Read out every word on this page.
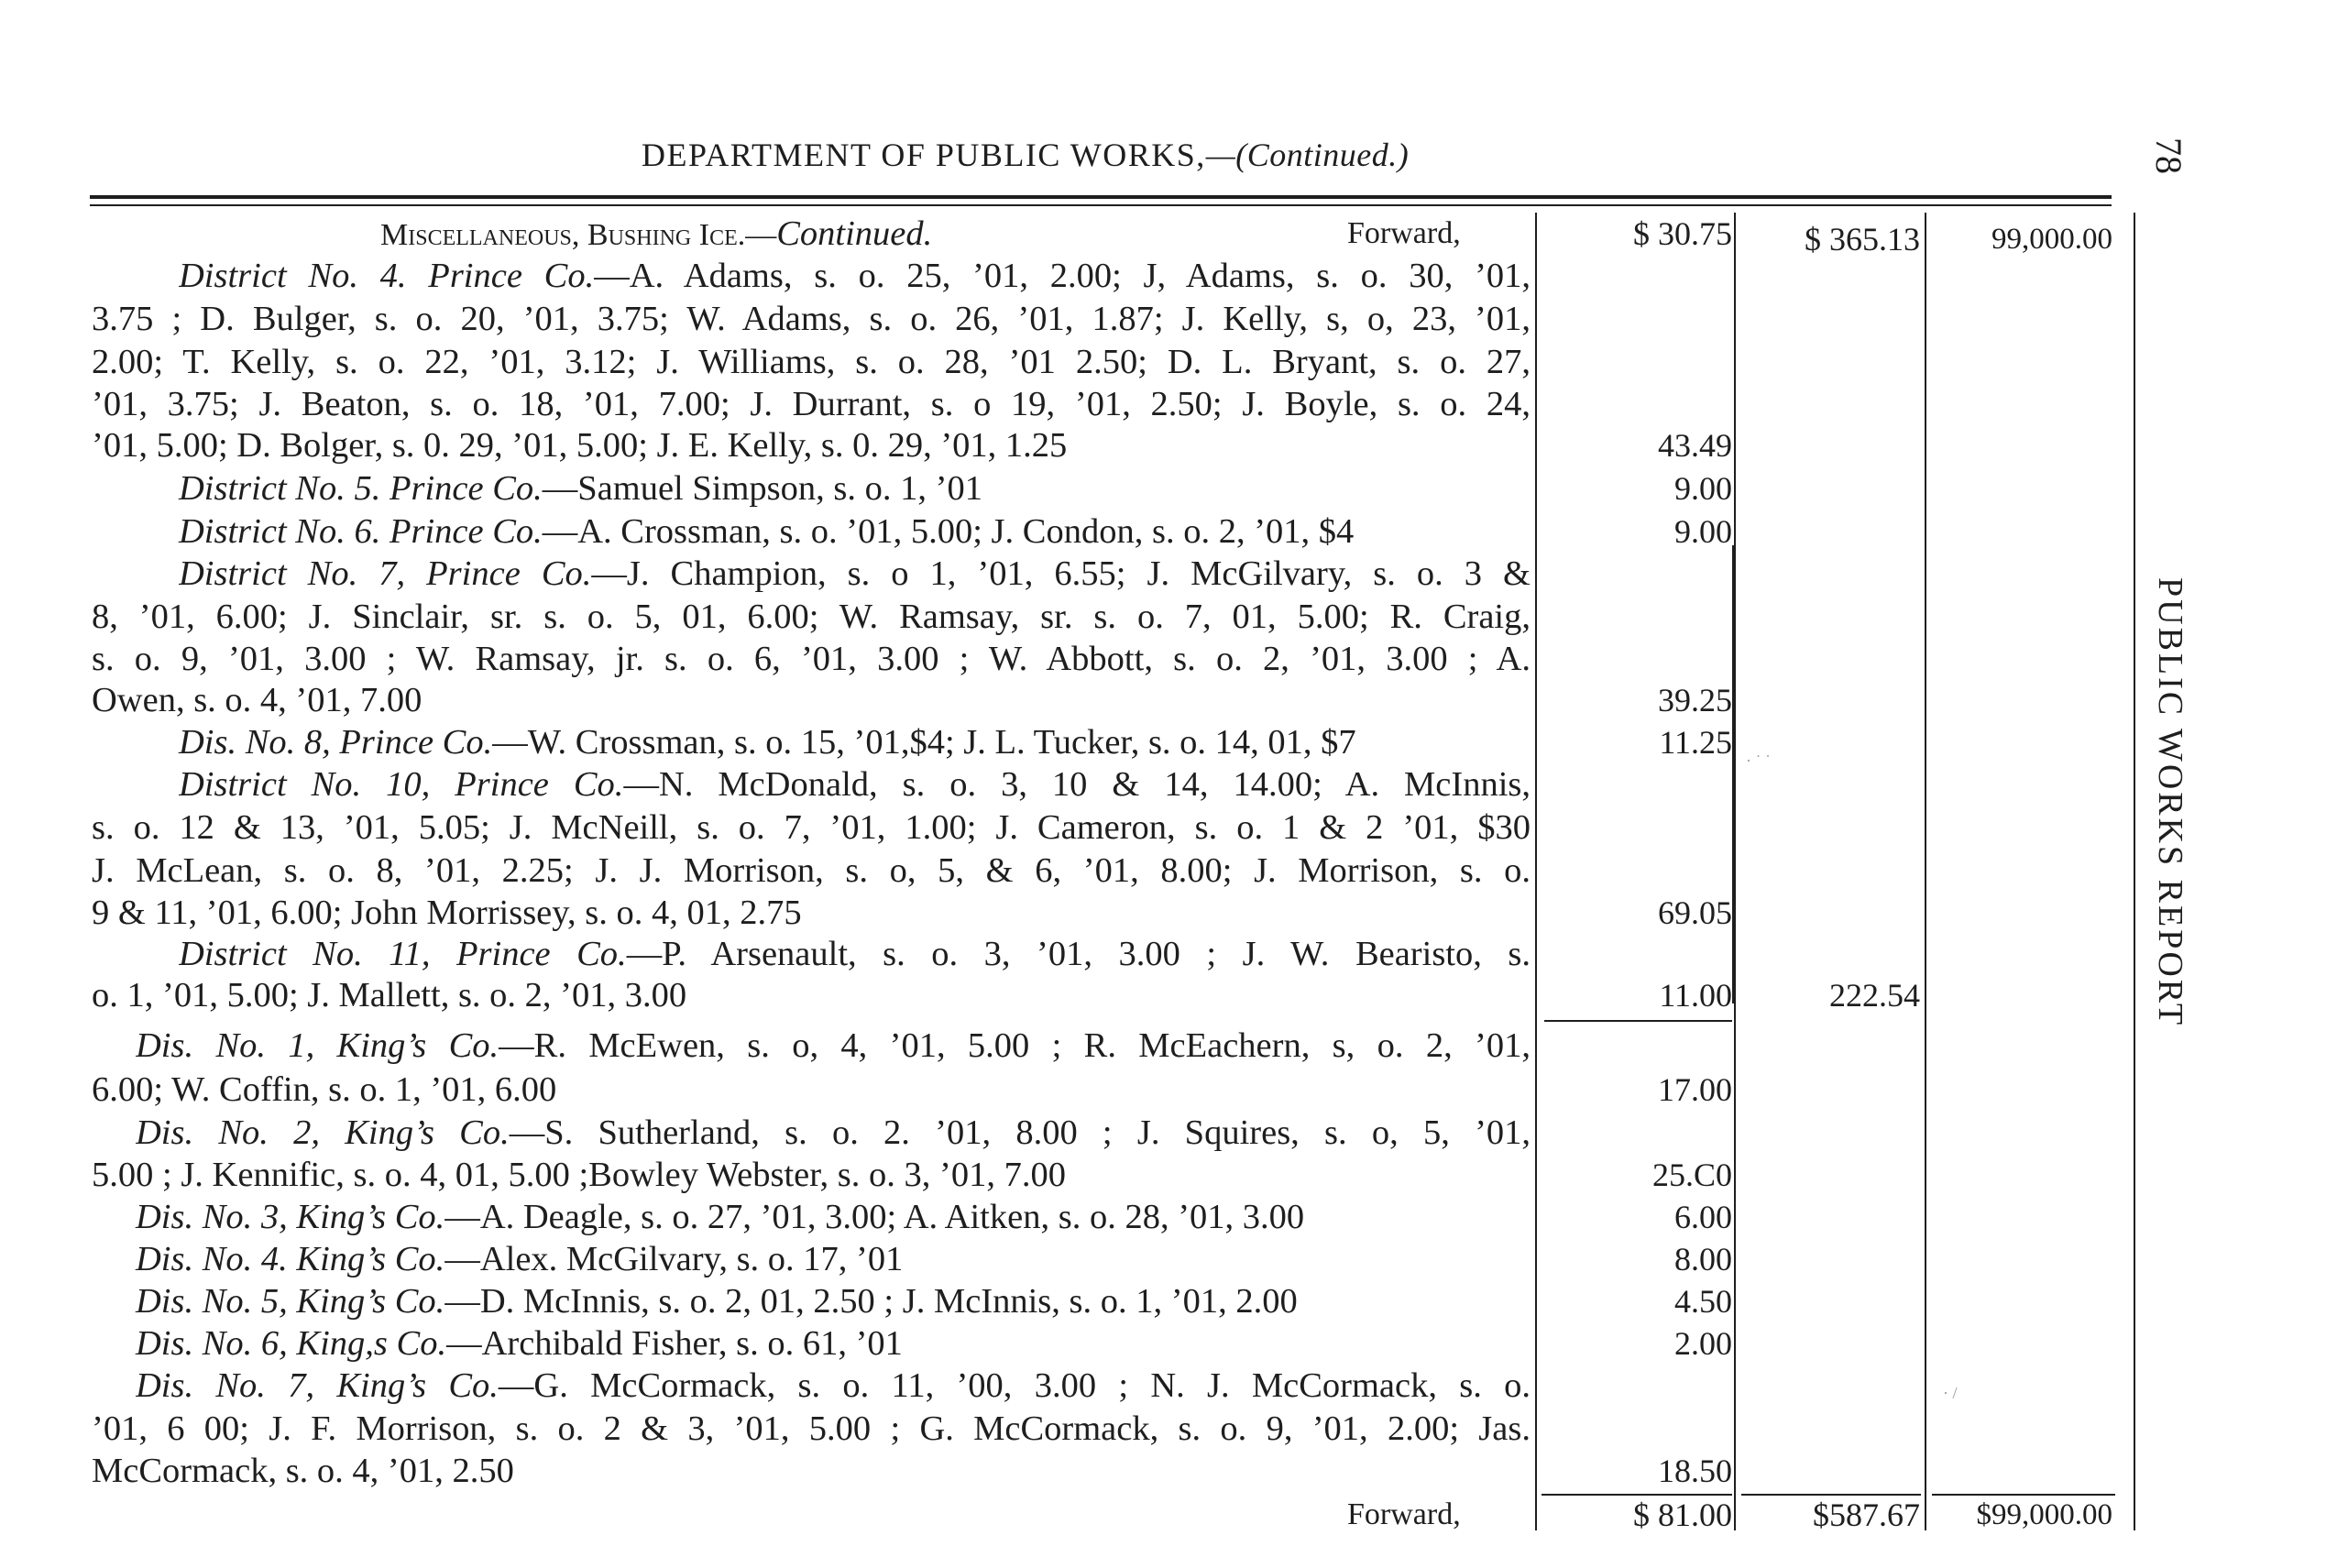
DEPARTMENT OF PUBLIC WORKS,—(Continued.)	78
PUBLIC WORKS REPORT
Miscellaneous, Bushing Ice.—Continued.	Forward,	$ 30.75	$ 365.13	99,000.00
District No. 4. Prince Co.—A. Adams, s. o. 25, ’01, 2.00; J, Adams, s. o. 30, ’01,
3.75 ; D. Bulger, s. o. 20, ’01, 3.75; W. Adams, s. o. 26, ’01, 1.87; J. Kelly, s, o, 23, ’01,
2.00; T. Kelly, s. o. 22, ’01, 3.12; J. Williams, s. o. 28, ’01 2.50; D. L. Bryant, s. o. 27,
’01, 3.75; J. Beaton, s. o. 18, ’01, 7.00; J. Durrant, s. o 19, ’01, 2.50; J. Boyle, s. o. 24,
’01, 5.00; D. Bolger, s. 0. 29, ’01, 5.00; J. E. Kelly, s. 0. 29, ’01, 1.25	43.49
District No. 5. Prince Co.—Samuel Simpson, s. o. 1, ’01	9.00
District No. 6. Prince Co.—A. Crossman, s. o. ’01, 5.00; J. Condon, s. o. 2, ’01, $4	9.00
District No. 7, Prince Co.—J. Champion, s. o 1, ’01, 6.55; J. McGilvary, s. o. 3 &
8, ’01, 6.00; J. Sinclair, sr. s. o. 5, 01, 6.00; W. Ramsay, sr. s. o. 7, 01, 5.00; R. Craig,
s. o. 9, ’01, 3.00 ; W. Ramsay, jr. s. o. 6, ’01, 3.00 ; W. Abbott, s. o. 2, ’01, 3.00 ; A.
Owen, s. o. 4, ’01, 7.00	39.25
Dis. No. 8, Prince Co.—W. Crossman, s. o. 15, ’01,$4; J. L. Tucker, s. o. 14, 01, $7	11.25
District No. 10, Prince Co.—N. McDonald, s. o. 3, 10 & 14, 14.00; A. McInnis,
s. o. 12 & 13, ’01, 5.05; J. McNeill, s. o. 7, ’01, 1.00; J. Cameron, s. o. 1 & 2 ’01, $30
J. McLean, s. o. 8, ’01, 2.25; J. J. Morrison, s. o, 5, & 6, ’01, 8.00; J. Morrison, s. o.
9 & 11, ’01, 6.00; John Morrissey, s. o. 4, 01, 2.75	69.05
District No. 11, Prince Co.—P. Arsenault, s. o. 3, ’01, 3.00 ; J. W. Bearisto, s.
o. 1, ’01, 5.00; J. Mallett, s. o. 2, ’01, 3.00	11.00	222.54
Dis. No. 1, King’s Co.—R. McEwen, s. o, 4, ’01, 5.00 ; R. McEachern, s, o. 2, ’01,
6.00; W. Coffin, s. o. 1, ’01, 6.00	17.00
Dis. No. 2, King’s Co.—S. Sutherland, s. o. 2. ’01, 8.00 ; J. Squires, s. o, 5, ’01,
5.00 ; J. Kennific, s. o. 4, 01, 5.00 ;Bowley Webster, s. o. 3, ’01, 7.00	25.C0
Dis. No. 3, King’s Co.—A. Deagle, s. o. 27, ’01, 3.00; A. Aitken, s. o. 28, ’01, 3.00	6.00
Dis. No. 4. King’s Co.—Alex. McGilvary, s. o. 17, ’01	8.00
Dis. No. 5, King’s Co.—D. McInnis, s. o. 2, 01, 2.50 ; J. McInnis, s. o. 1, ’01, 2.00	4.50
Dis. No. 6, King,s Co.—Archibald Fisher, s. o. 61, ’01	2.00
Dis. No. 7, King’s Co.—G. McCormack, s. o. 11, ’00, 3.00 ; N. J. McCormack, s. o.
’01, 6 00; J. F. Morrison, s. o. 2 & 3, ’01, 5.00 ; G. McCormack, s. o. 9, ’01, 2.00; Jas.
McCormack, s. o. 4, ’01, 2.50	18.50
Forward,	$ 81.00	$587.67	$99,000.00
· ˙ ˙
· /
